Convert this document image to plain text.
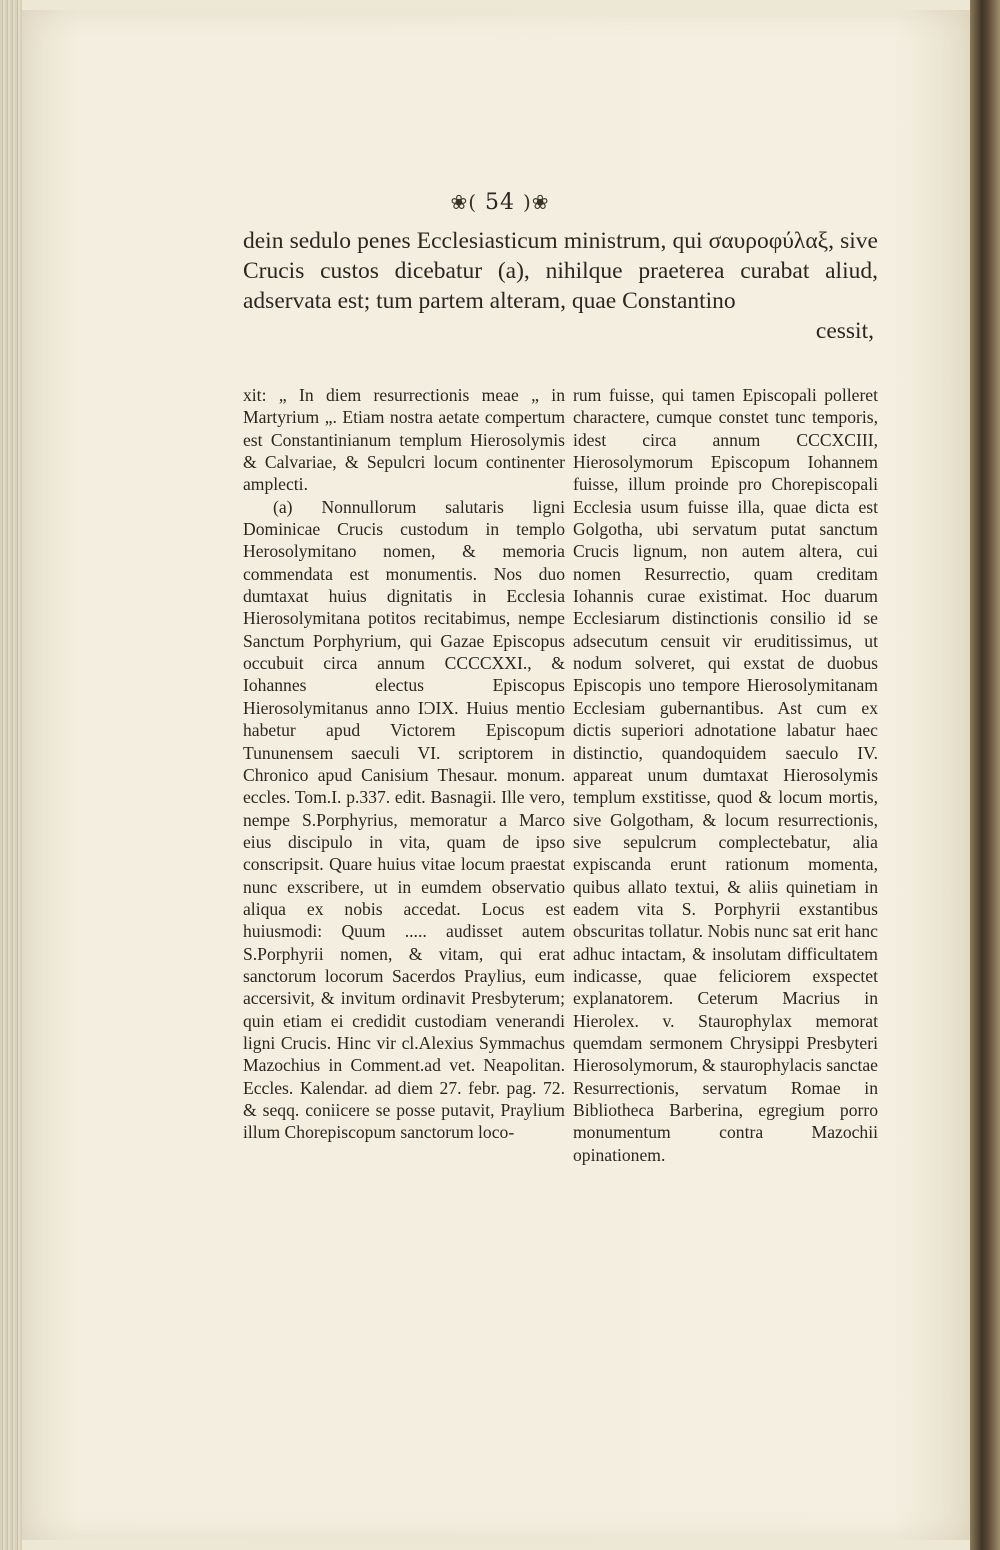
❀( 54 )❀

dein sedulo penes Ecclesiasticum ministrum, qui σαυροφύλαξ, sive Crucis custos dicebatur (a), nihilque praeterea curabat aliud, adservata est; tum partem alteram, quae Constantino

cessit,

xit: „ In diem resurrectionis meae „ in Martyrium „. Etiam nostra aetate compertum est Constantinianum templum Hierosolymis & Calvariae, & Sepulcri locum continenter amplecti.

(a) Nonnullorum salutaris ligni Dominicae Crucis custodum in templo Herosolymitano nomen, & memoria commendata est monumentis. Nos duo dumtaxat huius dignitatis in Ecclesia Hierosolymitana potitos recitabimus, nempe Sanctum Porphyrium, qui Gazae Episcopus occubuit circa annum CCCCXXI., & Iohannes electus Episcopus Hierosolymitanus anno IϽIX. Huius mentio habetur apud Victorem Episcopum Tununensem saeculi VI. scriptorem in Chronico apud Canisium Thesaur. monum. eccles. Tom.I. p.337. edit. Basnagii. Ille vero, nempe S.Porphyrius, memoratur a Marco eius discipulo in vita, quam de ipso conscripsit. Quare huius vitae locum praestat nunc exscribere, ut in eumdem observatio aliqua ex nobis accedat. Locus est huiusmodi: Quum ..... audisset autem S.Porphyrii nomen, & vitam, qui erat sanctorum locorum Sacerdos Praylius, eum accersivit, & invitum ordinavit Presbyterum; quin etiam ei credidit custodiam venerandi ligni Crucis. Hinc vir cl.Alexius Symmachus Mazochius in Comment.ad vet. Neapolitan. Eccles. Kalendar. ad diem 27. febr. pag. 72. & seqq. coniicere se posse putavit, Praylium illum Chorepiscopum sanctorum loco-

rum fuisse, qui tamen Episcopali polleret charactere, cumque constet tunc temporis, idest circa annum CCCXCIII, Hierosolymorum Episcopum Iohannem fuisse, illum proinde pro Chorepiscopali Ecclesia usum fuisse illa, quae dicta est Golgotha, ubi servatum putat sanctum Crucis lignum, non autem altera, cui nomen Resurrectio, quam creditam Iohannis curae existimat. Hoc duarum Ecclesiarum distinctionis consilio id se adsecutum censuit vir eruditissimus, ut nodum solveret, qui exstat de duobus Episcopis uno tempore Hierosolymitanam Ecclesiam gubernantibus. Ast cum ex dictis superiori adnotatione labatur haec distinctio, quandoquidem saeculo IV. appareat unum dumtaxat Hierosolymis templum exstitisse, quod & locum mortis, sive Golgotham, & locum resurrectionis, sive sepulcrum complectebatur, alia expiscanda erunt rationum momenta, quibus allato textui, & aliis quinetiam in eadem vita S. Porphyrii exstantibus obscuritas tollatur. Nobis nunc sat erit hanc adhuc intactam, & insolutam difficultatem indicasse, quae feliciorem exspectet explanatorem. Ceterum Macrius in Hierolex. v. Staurophylax memorat quemdam sermonem Chrysippi Presbyteri Hierosolymorum, & staurophylacis sanctae Resurrectionis, servatum Romae in Bibliotheca Barberina, egregium porro monumentum contra Mazochii opinationem.
